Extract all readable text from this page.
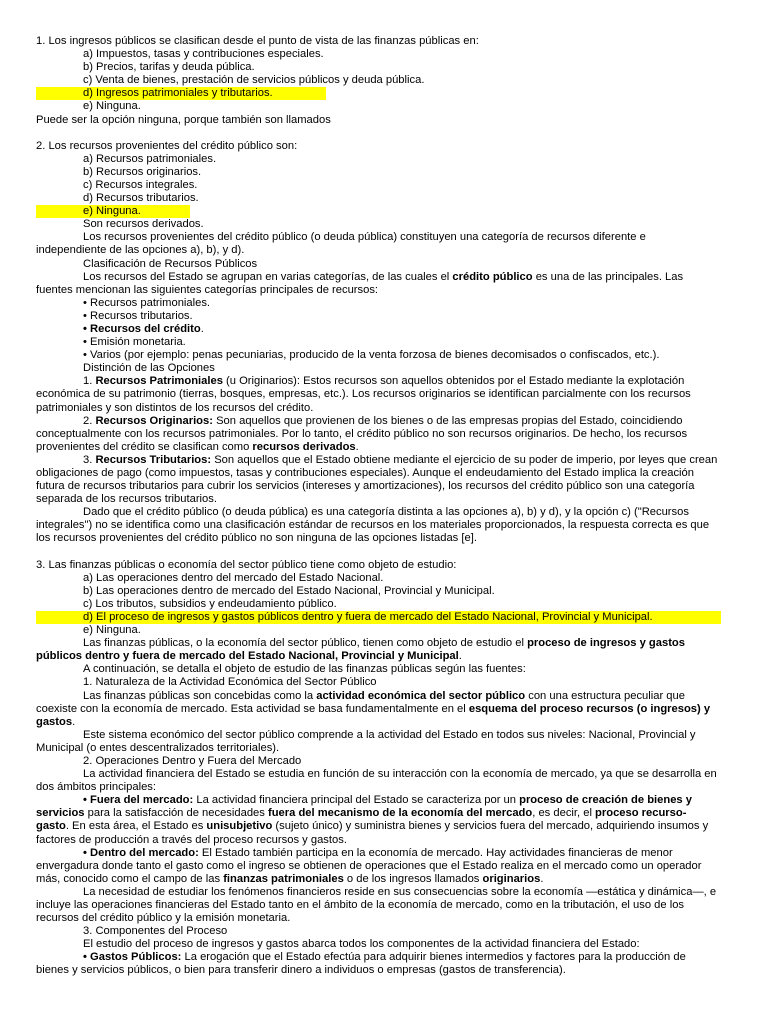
1. Los ingresos públicos se clasifican desde el punto de vista de las finanzas públicas en:

a) Impuestos, tasas y contribuciones especiales.

b) Precios, tarifas y deuda pública.

c) Venta de bienes, prestación de servicios públicos y deuda pública.

d) Ingresos patrimoniales y tributarios.

e) Ninguna.

Puede ser la opción ninguna, porque también son llamados

2. Los recursos provenientes del crédito público son:

a) Recursos patrimoniales.

b) Recursos originarios.

c) Recursos integrales.

d) Recursos tributarios.

e) Ninguna.

Son recursos derivados.

Los recursos provenientes del crédito público (o deuda pública) constituyen una categoría de recursos diferente e independiente de las opciones a), b), y d).

Clasificación de Recursos Públicos

Los recursos del Estado se agrupan en varias categorías, de las cuales el crédito público es una de las principales. Las fuentes mencionan las siguientes categorías principales de recursos:

• Recursos patrimoniales.

• Recursos tributarios.

• Recursos del crédito.

• Emisión monetaria.

• Varios (por ejemplo: penas pecuniarias, producido de la venta forzosa de bienes decomisados o confiscados, etc.).

Distinción de las Opciones

1. Recursos Patrimoniales (u Originarios): Estos recursos son aquellos obtenidos por el Estado mediante la explotación económica de su patrimonio (tierras, bosques, empresas, etc.). Los recursos originarios se identifican parcialmente con los recursos patrimoniales y son distintos de los recursos del crédito.

2. Recursos Originarios: Son aquellos que provienen de los bienes o de las empresas propias del Estado, coincidiendo conceptualmente con los recursos patrimoniales. Por lo tanto, el crédito público no son recursos originarios. De hecho, los recursos provenientes del crédito se clasifican como recursos derivados.

3. Recursos Tributarios: Son aquellos que el Estado obtiene mediante el ejercicio de su poder de imperio, por leyes que crean obligaciones de pago (como impuestos, tasas y contribuciones especiales). Aunque el endeudamiento del Estado implica la creación futura de recursos tributarios para cubrir los servicios (intereses y amortizaciones), los recursos del crédito público son una categoría separada de los recursos tributarios.

Dado que el crédito público (o deuda pública) es una categoría distinta a las opciones a), b) y d), y la opción c) ("Recursos integrales") no se identifica como una clasificación estándar de recursos en los materiales proporcionados, la respuesta correcta es que los recursos provenientes del crédito público no son ninguna de las opciones listadas [e].

3. Las finanzas públicas o economía del sector público tiene como objeto de estudio:

a) Las operaciones dentro del mercado del Estado Nacional.

b) Las operaciones dentro de mercado del Estado Nacional, Provincial y Municipal.

c) Los tributos, subsidios y endeudamiento público.

d) El proceso de ingresos y gastos públicos dentro y fuera de mercado del Estado Nacional, Provincial y Municipal.

e) Ninguna.

Las finanzas públicas, o la economía del sector público, tienen como objeto de estudio el proceso de ingresos y gastos públicos dentro y fuera de mercado del Estado Nacional, Provincial y Municipal.

A continuación, se detalla el objeto de estudio de las finanzas públicas según las fuentes:

1. Naturaleza de la Actividad Económica del Sector Público

Las finanzas públicas son concebidas como la actividad económica del sector público con una estructura peculiar que coexiste con la economía de mercado. Esta actividad se basa fundamentalmente en el esquema del proceso recursos (o ingresos) y gastos.

Este sistema económico del sector público comprende a la actividad del Estado en todos sus niveles: Nacional, Provincial y Municipal (o entes descentralizados territoriales).

2. Operaciones Dentro y Fuera del Mercado

La actividad financiera del Estado se estudia en función de su interacción con la economía de mercado, ya que se desarrolla en dos ámbitos principales:

• Fuera del mercado: La actividad financiera principal del Estado se caracteriza por un proceso de creación de bienes y servicios para la satisfacción de necesidades fuera del mecanismo de la economía del mercado, es decir, el proceso recurso-gasto. En esta área, el Estado es unisubjetivo (sujeto único) y suministra bienes y servicios fuera del mercado, adquiriendo insumos y factores de producción a través del proceso recursos y gastos.

• Dentro del mercado: El Estado también participa en la economía de mercado. Hay actividades financieras de menor envergadura donde tanto el gasto como el ingreso se obtienen de operaciones que el Estado realiza en el mercado como un operador más, conocido como el campo de las finanzas patrimoniales o de los ingresos llamados originarios.

La necesidad de estudiar los fenómenos financieros reside en sus consecuencias sobre la economía —estática y dinámica—, e incluye las operaciones financieras del Estado tanto en el ámbito de la economía de mercado, como en la tributación, el uso de los recursos del crédito público y la emisión monetaria.

3. Componentes del Proceso

El estudio del proceso de ingresos y gastos abarca todos los componentes de la actividad financiera del Estado:

• Gastos Públicos: La erogación que el Estado efectúa para adquirir bienes intermedios y factores para la producción de bienes y servicios públicos, o bien para transferir dinero a individuos o empresas (gastos de transferencia).
